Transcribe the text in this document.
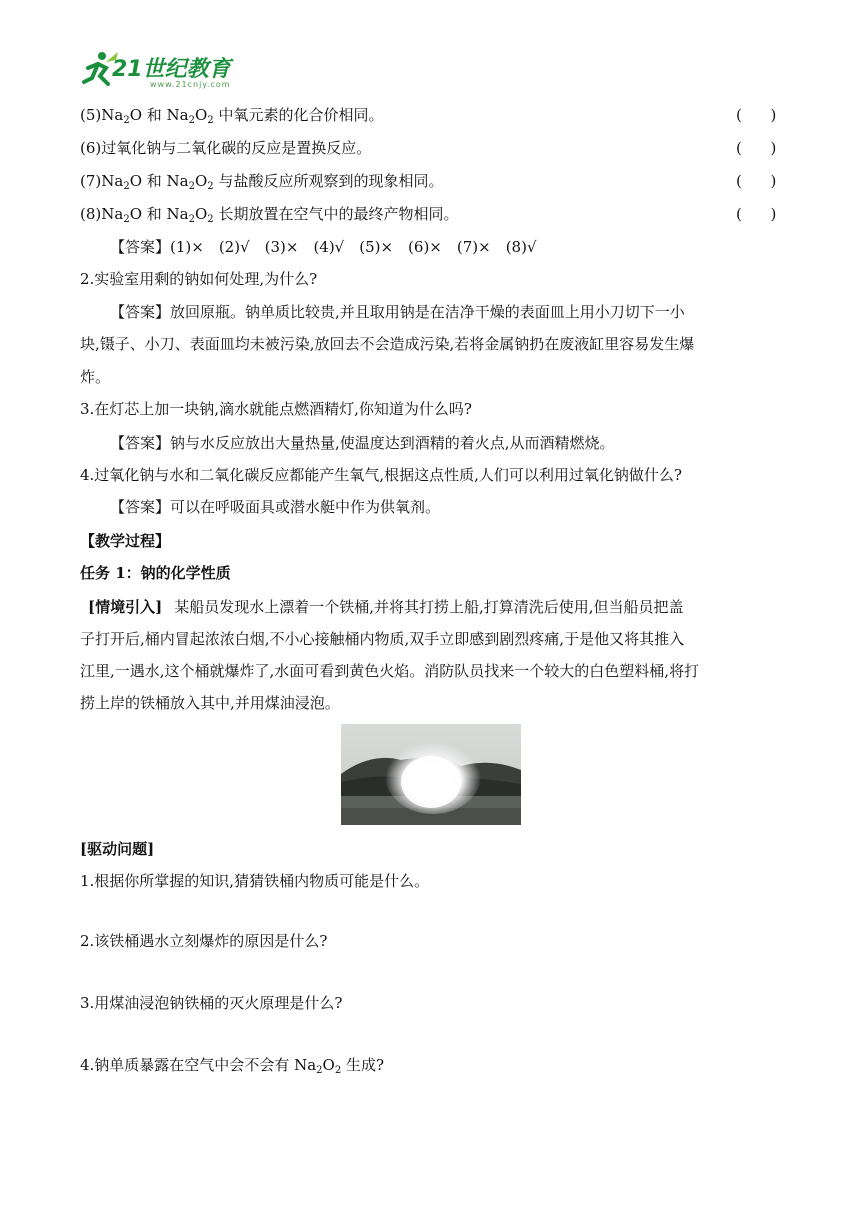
21世纪教育
www.21cnjy.com
$(5)Na_2O$ 和 $Na_2O_2$ 中氧元素的化合价相同。	(      )
(6)过氧化钠与二氧化碳的反应是置换反应。	(      )
$(7)Na_2O$ 和 $Na_2O_2$ 与盐酸反应所观察到的现象相同。	(      )
$(8)Na_2O$ 和 $Na_2O_2$ 长期放置在空气中的最终产物相同。	(      )
【答案】(1)×　(2)√　(3)×　(4)√　(5)×　(6)×　(7)×　(8)√
2.实验室用剩的钠如何处理,为什么?
【答案】放回原瓶。钠单质比较贵,并且取用钠是在洁净干燥的表面皿上用小刀切下一小
块,镊子、小刀、表面皿均未被污染,放回去不会造成污染,若将金属钠扔在废液缸里容易发生爆
炸。
3.在灯芯上加一块钠,滴水就能点燃酒精灯,你知道为什么吗?
【答案】钠与水反应放出大量热量,使温度达到酒精的着火点,从而酒精燃烧。
4.过氧化钠与水和二氧化碳反应都能产生氧气,根据这点性质,人们可以利用过氧化钠做什么?
【答案】可以在呼吸面具或潜水艇中作为供氧剂。
【教学过程】
任务 1：钠的化学性质
[情境引入] 某船员发现水上漂着一个铁桶,并将其打捞上船,打算清洗后使用,但当船员把盖
子打开后,桶内冒起浓浓白烟,不小心接触桶内物质,双手立即感到剧烈疼痛,于是他又将其推入
江里,一遇水,这个桶就爆炸了,水面可看到黄色火焰。消防队员找来一个较大的白色塑料桶,将打
捞上岸的铁桶放入其中,并用煤油浸泡。
[驱动问题]
1.根据你所掌握的知识,猜猜铁桶内物质可能是什么。
2.该铁桶遇水立刻爆炸的原因是什么?
3.用煤油浸泡钠铁桶的灭火原理是什么?
4.钠单质暴露在空气中会不会有 $Na_2O_2$ 生成?
